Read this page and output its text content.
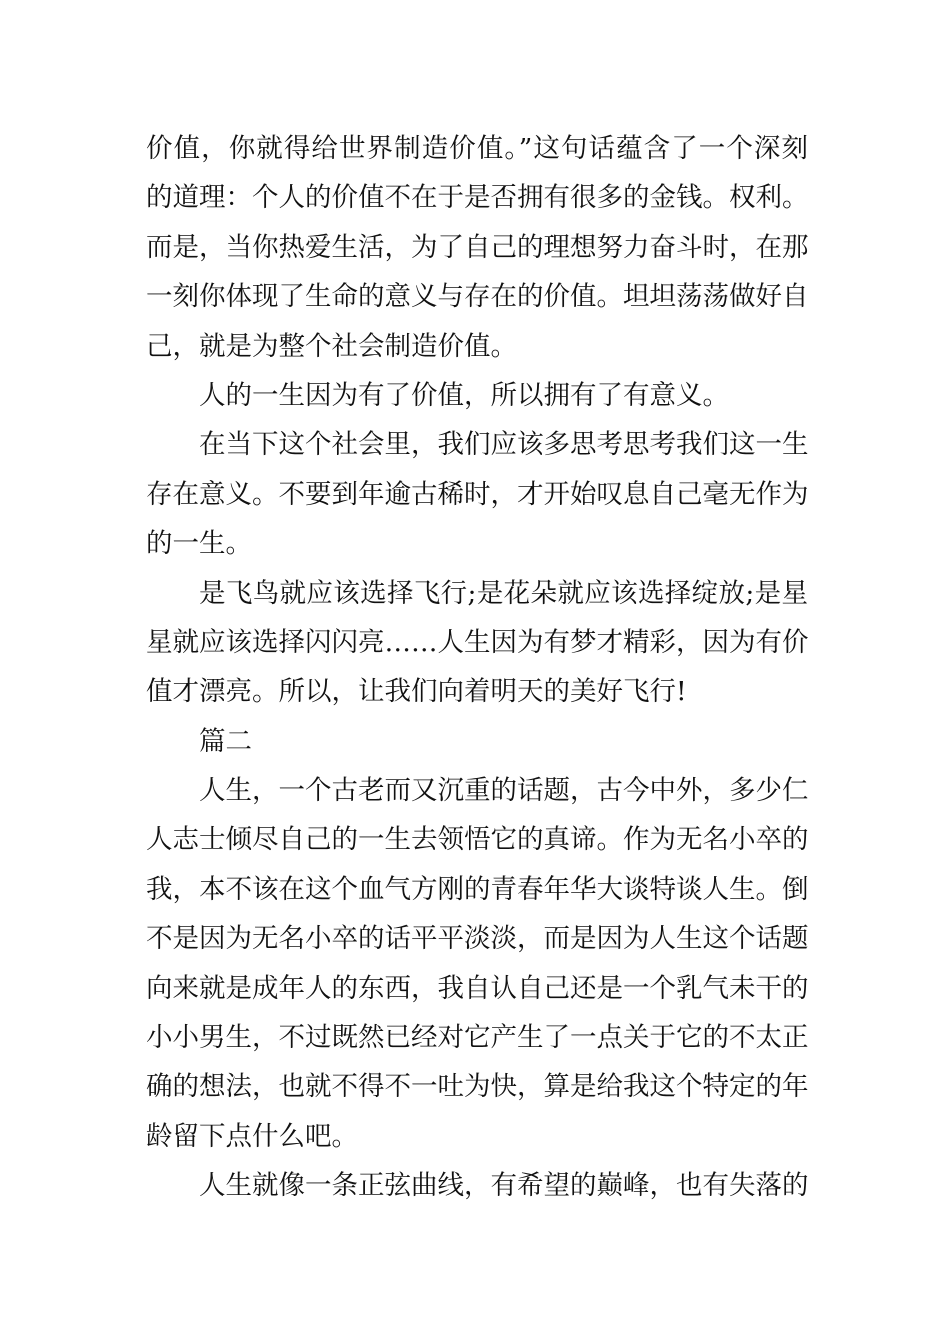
价值，你就得给世界制造价值。”这句话蕴含了一个深刻
的道理：个人的价值不在于是否拥有很多的金钱。权利。
而是，当你热爱生活，为了自己的理想努力奋斗时，在那
一刻你体现了生命的意义与存在的价值。坦坦荡荡做好自
己，就是为整个社会制造价值。
人的一生因为有了价值，所以拥有了有意义。
在当下这个社会里，我们应该多思考思考我们这一生
存在意义。不要到年逾古稀时，才开始叹息自己毫无作为
的一生。
是飞鸟就应该选择飞行;是花朵就应该选择绽放;是星
星就应该选择闪闪亮……人生因为有梦才精彩，因为有价
值才漂亮。所以，让我们向着明天的美好飞行!
篇二
人生，一个古老而又沉重的话题，古今中外，多少仁
人志士倾尽自己的一生去领悟它的真谛。作为无名小卒的
我，本不该在这个血气方刚的青春年华大谈特谈人生。倒
不是因为无名小卒的话平平淡淡，而是因为人生这个话题
向来就是成年人的东西，我自认自己还是一个乳气未干的
小小男生，不过既然已经对它产生了一点关于它的不太正
确的想法，也就不得不一吐为快，算是给我这个特定的年
龄留下点什么吧。
人生就像一条正弦曲线，有希望的巅峰，也有失落的
